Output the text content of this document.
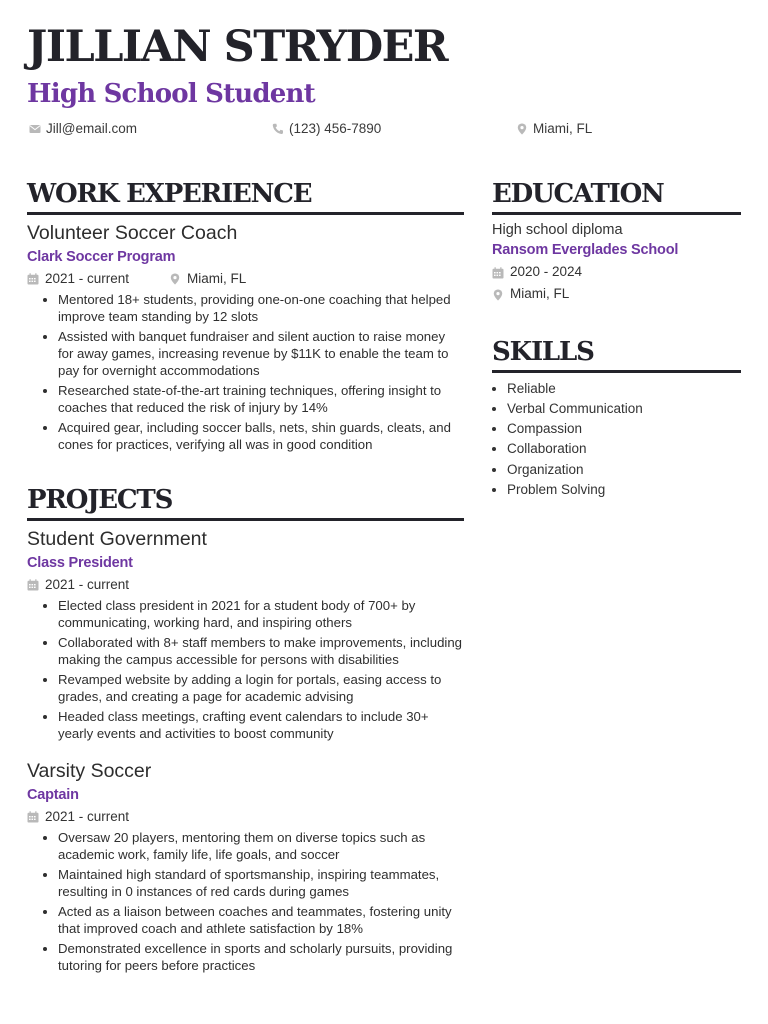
JILLIAN STRYDER
High School Student
Jill@email.com	(123) 456-7890	Miami, FL
WORK EXPERIENCE
Volunteer Soccer Coach
Clark Soccer Program
2021 - current	Miami, FL
• Mentored 18+ students, providing one-on-one coaching that helped improve team standing by 12 slots
• Assisted with banquet fundraiser and silent auction to raise money for away games, increasing revenue by $11K to enable the team to pay for overnight accommodations
• Researched state-of-the-art training techniques, offering insight to coaches that reduced the risk of injury by 14%
• Acquired gear, including soccer balls, nets, shin guards, cleats, and cones for practices, verifying all was in good condition
PROJECTS
Student Government
Class President
2021 - current
• Elected class president in 2021 for a student body of 700+ by communicating, working hard, and inspiring others
• Collaborated with 8+ staff members to make improvements, including making the campus accessible for persons with disabilities
• Revamped website by adding a login for portals, easing access to grades, and creating a page for academic advising
• Headed class meetings, crafting event calendars to include 30+ yearly events and activities to boost community
Varsity Soccer
Captain
2021 - current
• Oversaw 20 players, mentoring them on diverse topics such as academic work, family life, life goals, and soccer
• Maintained high standard of sportsmanship, inspiring teammates, resulting in 0 instances of red cards during games
• Acted as a liaison between coaches and teammates, fostering unity that improved coach and athlete satisfaction by 18%
• Demonstrated excellence in sports and scholarly pursuits, providing tutoring for peers before practices
EDUCATION
High school diploma
Ransom Everglades School
2020 - 2024
Miami, FL
SKILLS
• Reliable
• Verbal Communication
• Compassion
• Collaboration
• Organization
• Problem Solving
